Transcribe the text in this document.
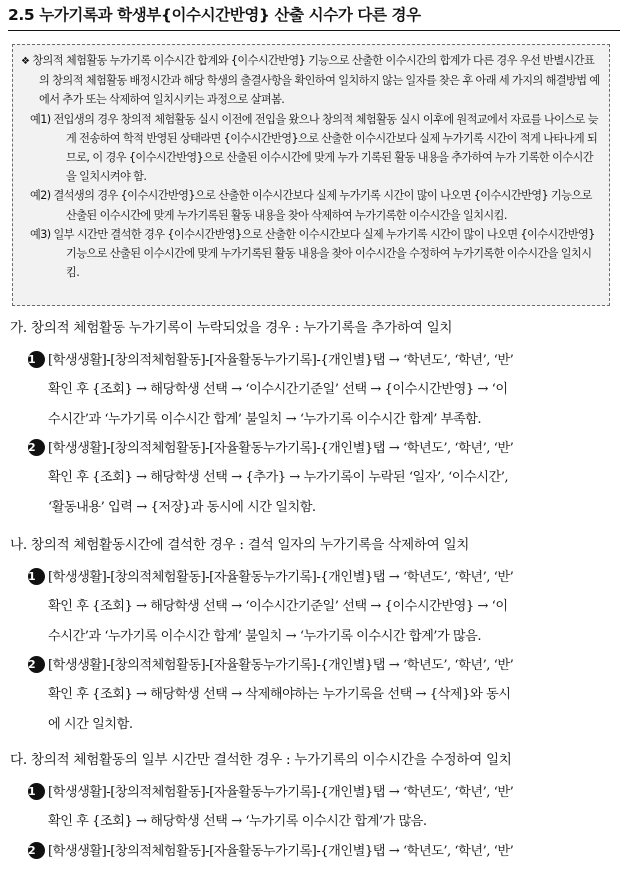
2.5 누가기록과 학생부{이수시간반영} 산출 시수가 다른 경우
❖ 창의적 체험활동 누가기록 이수시간 합계와 {이수시간반영} 기능으로 산출한 이수시간의 합계가 다른 경우 우선 반별시간표의 창의적 체험활동 배정시간과 해당 학생의 출결사항을 확인하여 일치하지 않는 일자를 찾은 후 아래 세 가지의 해결방법 예에서 추가 또는 삭제하여 일치시키는 과정으로 살펴봄.
예1) 전입생의 경우 창의적 체험활동 실시 이전에 전입을 왔으나 창의적 체험활동 실시 이후에 원적교에서 자료를 나이스로 늦게 전송하여 학적 반영된 상태라면 {이수시간반영}으로 산출한 이수시간보다 실제 누가기록 시간이 적게 나타나게 되므로, 이 경우 {이수시간반영}으로 산출된 이수시간에 맞게 누가 기록된 활동 내용을 추가하여 누가 기록한 이수시간을 일치시켜야 함.
예2) 결석생의 경우 {이수시간반영}으로 산출한 이수시간보다 실제 누가기록 시간이 많이 나오면 {이수시간반영} 기능으로 산출된 이수시간에 맞게 누가기록된 활동 내용을 찾아 삭제하여 누가기록한 이수시간을 일치시킴.
예3) 일부 시간만 결석한 경우 {이수시간반영}으로 산출한 이수시간보다 실제 누가기록 시간이 많이 나오면 {이수시간반영} 기능으로 산출된 이수시간에 맞게 누가기록된 활동 내용을 찾아 이수시간을 수정하여 누가기록한 이수시간을 일치시킴.
가. 창의적 체험활동 누가기록이 누락되었을 경우 : 누가기록을 추가하여 일치
1 [학생생활]-[창의적체험활동]-[자율활동누가기록]-{개인별}탭 → ‘학년도’, ‘학년’, ‘반’
확인 후 {조회} → 해당학생 선택 → ‘이수시간기준일’ 선택 → {이수시간반영} → ‘이
수시간’과 ‘누가기록 이수시간 합계’ 불일치 → ‘누가기록 이수시간 합계’ 부족함.
2 [학생생활]-[창의적체험활동]-[자율활동누가기록]-{개인별}탭 → ‘학년도’, ‘학년’, ‘반’
확인 후 {조회} → 해당학생 선택 → {추가} → 누가기록이 누락된 ‘일자’, ‘이수시간’,
‘활동내용’ 입력 → {저장}과 동시에 시간 일치함.
나. 창의적 체험활동시간에 결석한 경우 : 결석 일자의 누가기록을 삭제하여 일치
1 [학생생활]-[창의적체험활동]-[자율활동누가기록]-{개인별}탭 → ‘학년도’, ‘학년’, ‘반’
확인 후 {조회} → 해당학생 선택 → ‘이수시간기준일’ 선택 → {이수시간반영} → ‘이
수시간’과 ‘누가기록 이수시간 합계’ 불일치 → ‘누가기록 이수시간 합계’가 많음.
2 [학생생활]-[창의적체험활동]-[자율활동누가기록]-{개인별}탭 → ‘학년도’, ‘학년’, ‘반’
확인 후 {조회} → 해당학생 선택 → 삭제해야하는 누가기록을 선택 → {삭제}와 동시
에 시간 일치함.
다. 창의적 체험활동의 일부 시간만 결석한 경우 : 누가기록의 이수시간을 수정하여 일치
1 [학생생활]-[창의적체험활동]-[자율활동누가기록]-{개인별}탭 → ‘학년도’, ‘학년’, ‘반’
확인 후 {조회} → 해당학생 선택 → ‘누가기록 이수시간 합계’가 많음.
2 [학생생활]-[창의적체험활동]-[자율활동누가기록]-{개인별}탭 → ‘학년도’, ‘학년’, ‘반’
